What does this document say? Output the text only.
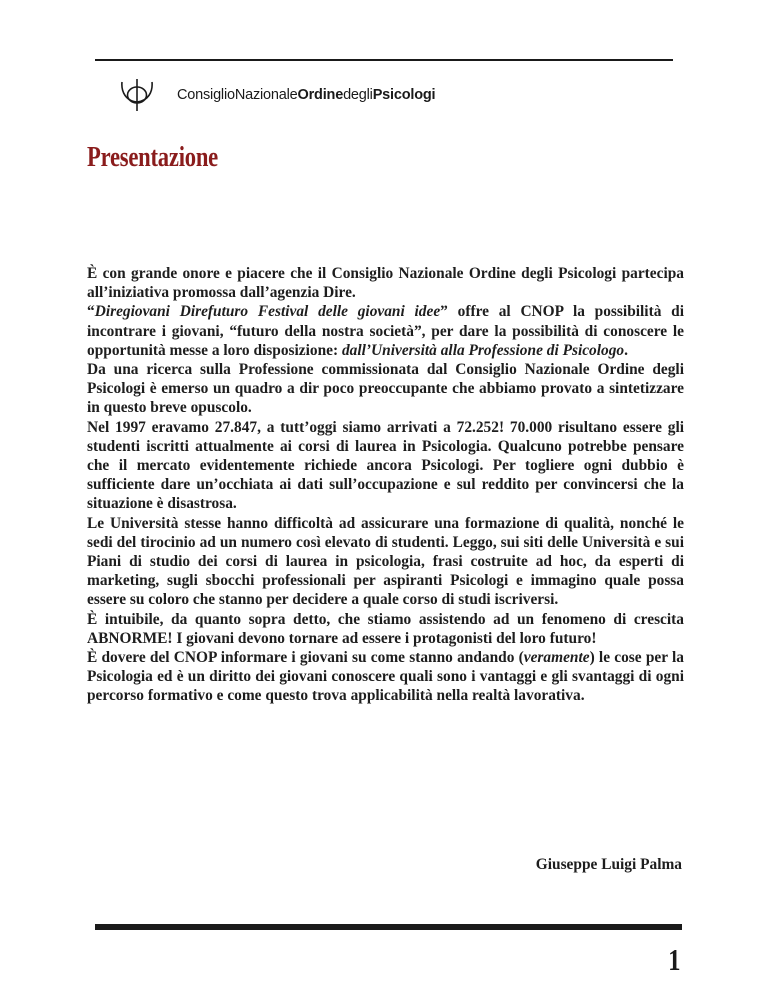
ConsiglioNazionaleOrdinedegliPsicologi
Presentazione

È con grande onore e piacere che il Consiglio Nazionale Ordine degli Psicologi partecipa all’iniziativa promossa dall’agenzia Dire.

“Diregiovani Direfuturo Festival delle giovani idee” offre al CNOP la possibilità di incontrare i giovani, “futuro della nostra società”, per dare la possibilità di conoscere le opportunità messe a loro disposizione: dall’Università alla Professione di Psicologo.

Da una ricerca sulla Professione commissionata dal Consiglio Nazionale Ordine degli Psicologi è emerso un quadro a dir poco preoccupante che abbiamo provato a sintetizzare in questo breve opuscolo.

Nel 1997 eravamo 27.847, a tutt’oggi siamo arrivati a 72.252! 70.000 risultano essere gli studenti iscritti attualmente ai corsi di laurea in Psicologia. Qualcuno potrebbe pensare che il mercato evidentemente richiede ancora Psicologi. Per togliere ogni dubbio è sufficiente dare un’occhiata ai dati sull’occupazione e sul reddito per convincersi che la situazione è disastrosa.

Le Università stesse hanno difficoltà ad assicurare una formazione di qualità, nonché le sedi del tirocinio ad un numero così elevato di studenti. Leggo, sui siti delle Università e sui Piani di studio dei corsi di laurea in psicologia, frasi costruite ad hoc, da esperti di marketing, sugli sbocchi professionali per aspiranti Psicologi e immagino quale possa essere su coloro che stanno per decidere a quale corso di studi iscriversi.

È intuibile, da quanto sopra detto, che stiamo assistendo ad un fenomeno di crescita ABNORME! I giovani devono tornare ad essere i protagonisti del loro futuro!

È dovere del CNOP informare i giovani su come stanno andando (veramente) le cose per la Psicologia ed è un diritto dei giovani conoscere quali sono i vantaggi e gli svantaggi di ogni percorso formativo e come questo trova applicabilità nella realtà lavorativa.

Giuseppe Luigi Palma
1
